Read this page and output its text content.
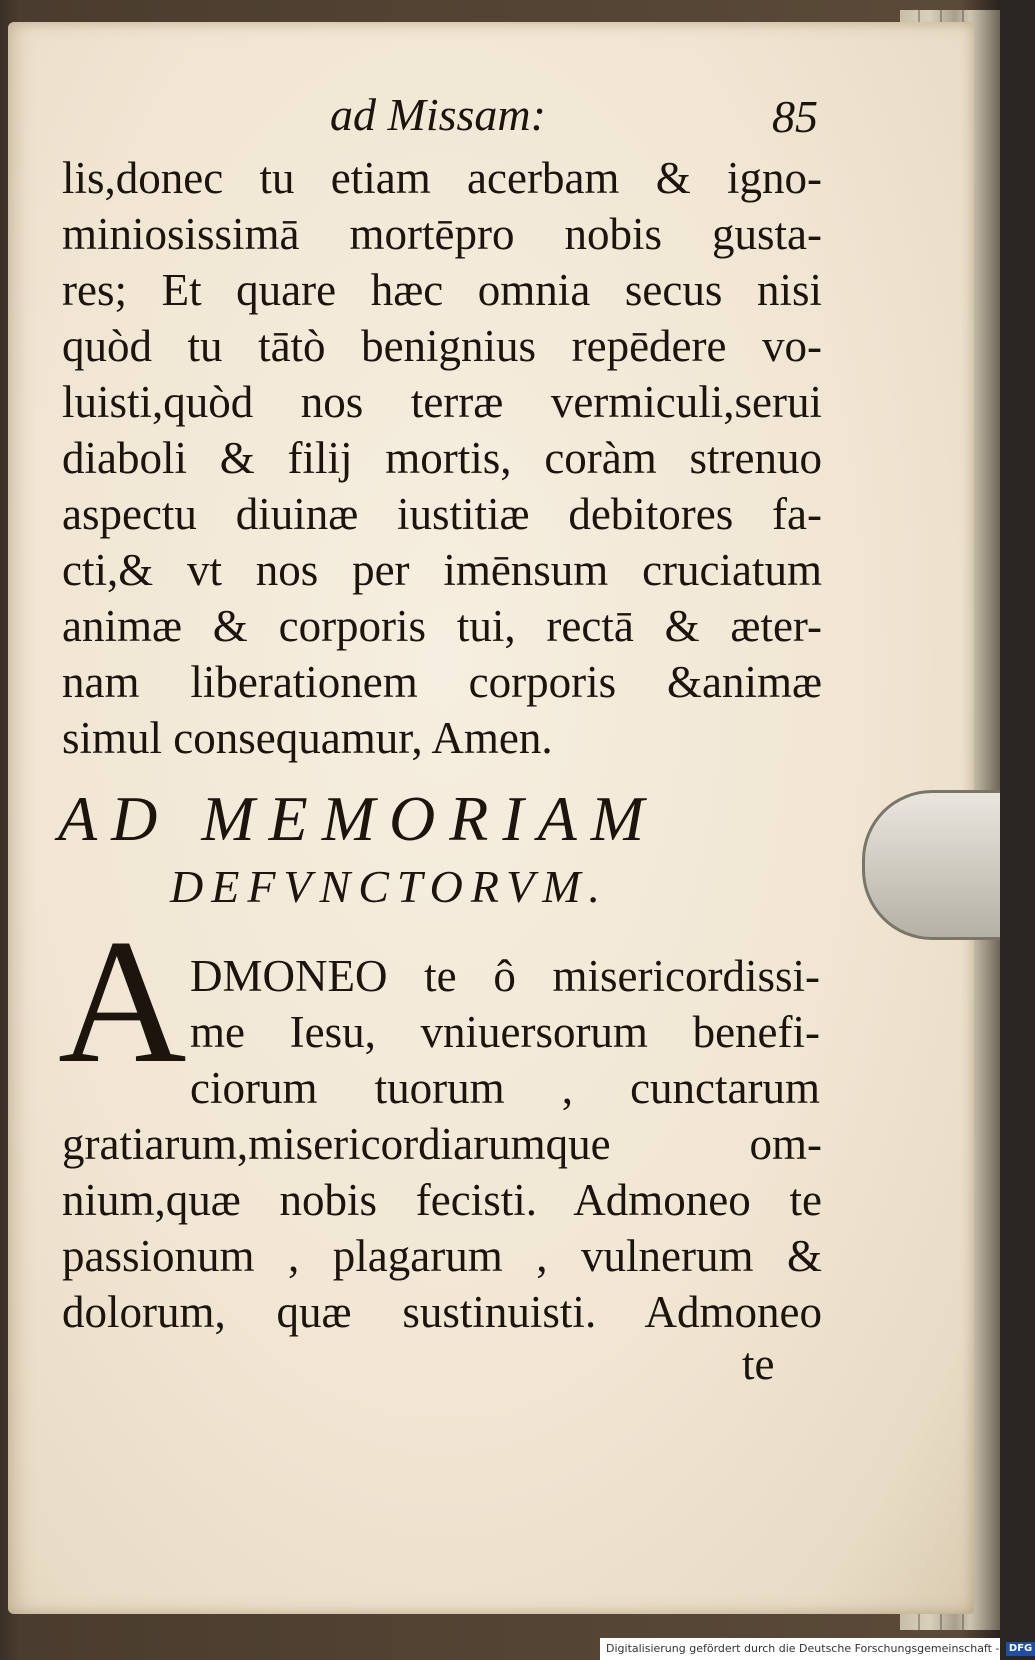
ad Missam:	85
lis,donec tu etiam acerbam & igno-
miniosissimā mortēpro nobis gusta-
res; Et quare hæc omnia secus nisi
quòd tu tātò benignius repēdere vo-
luisti,quòd nos terræ vermiculi,serui
diaboli & filij mortis, coràm strenuo
aspectu diuinæ iustitiæ debitores fa-
cti,& vt nos per imēnsum cruciatum
animæ & corporis tui, rectā & æter-
nam liberationem corporis &animæ
simul consequamur, Amen.
AD MEMORIAM
DEFVNCTORVM.
A DMONEO te ô misericordissi-
me Iesu, vniuersorum benefi-
ciorum tuorum , cunctarum
gratiarum,misericordiarumque om-
nium,quæ nobis fecisti. Admoneo te
passionum , plagarum , vulnerum &
dolorum, quæ sustinuisti. Admoneo
te
Digitalisierung gefördert durch die Deutsche Forschungsgemeinschaft - DFG
